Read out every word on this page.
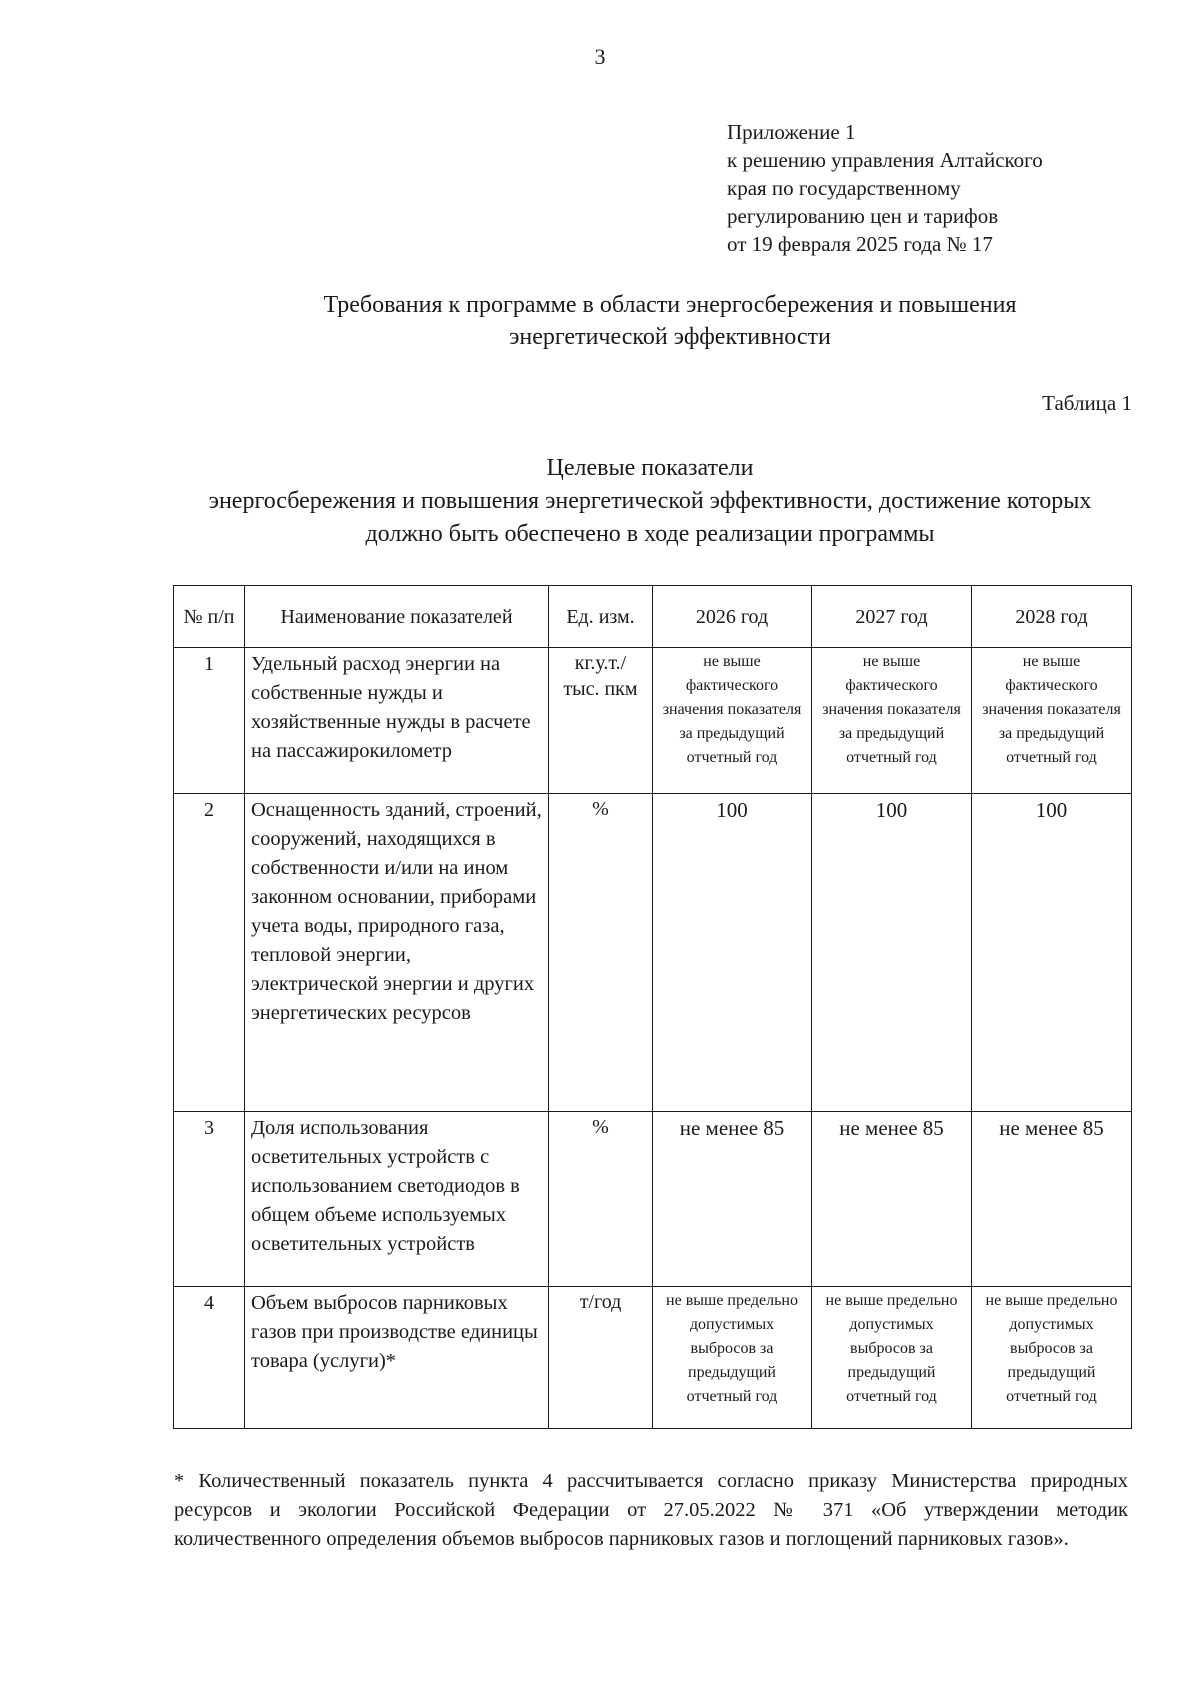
3
Приложение 1
к решению управления Алтайского
края по государственному
регулированию цен и тарифов
от 19 февраля 2025 года № 17
Требования к программе в области энергосбережения и повышения энергетической эффективности
Таблица 1
Целевые показатели
энергосбережения и повышения энергетической эффективности, достижение которых должно быть обеспечено в ходе реализации программы
№ п/п	Наименование показателей	Ед. изм.	2026 год	2027 год	2028 год
1	Удельный расход энергии на собственные нужды и хозяйственные нужды в расчете на пассажирокилометр	кг.у.т./ тыс. пкм	не выше фактического значения показателя за предыдущий отчетный год	не выше фактического значения показателя за предыдущий отчетный год	не выше фактического значения показателя за предыдущий отчетный год
2	Оснащенность зданий, строений, сооружений, находящихся в собственности и/или на ином законном основании, приборами учета воды, природного газа, тепловой энергии, электрической энергии и других энергетических ресурсов	%	100	100	100
3	Доля использования осветительных устройств с использованием светодиодов в общем объеме используемых осветительных устройств	%	не менее 85	не менее 85	не менее 85
4	Объем выбросов парниковых газов при производстве единицы товара (услуги)*	т/год	не выше предельно допустимых выбросов за предыдущий отчетный год	не выше предельно допустимых выбросов за предыдущий отчетный год	не выше предельно допустимых выбросов за предыдущий отчетный год
* Количественный показатель пункта 4 рассчитывается согласно приказу Министерства природных ресурсов и экологии Российской Федерации от 27.05.2022 № 371 «Об утверждении методик количественного определения объемов выбросов парниковых газов и поглощений парниковых газов».
